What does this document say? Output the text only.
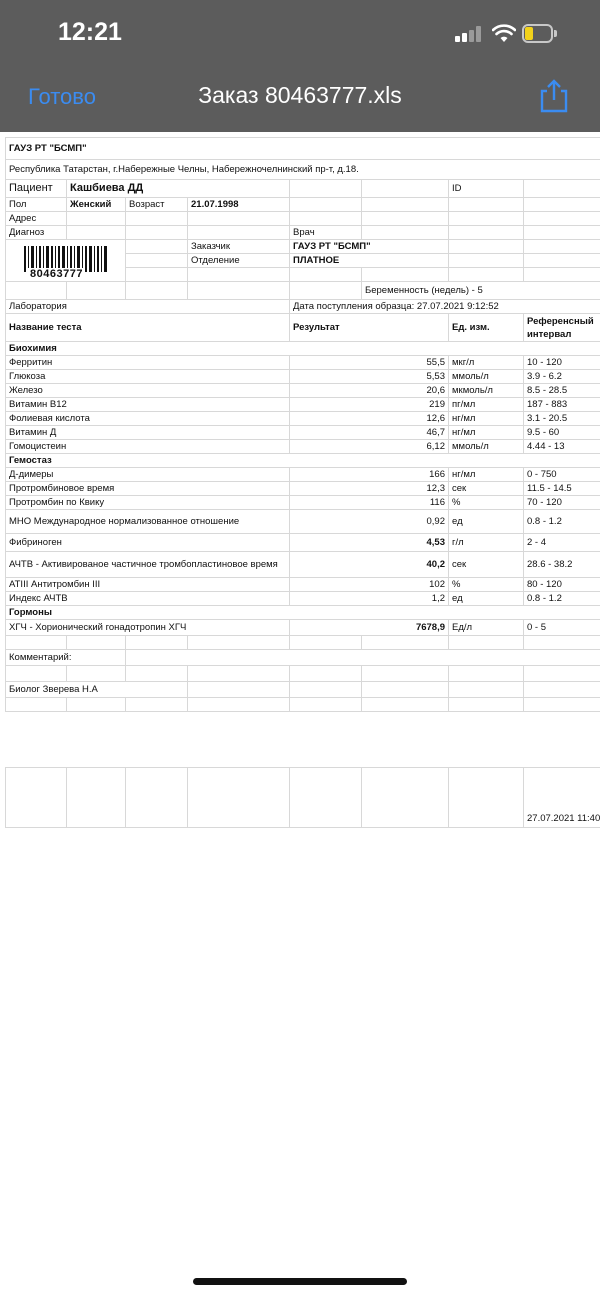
12:21
Готово	Заказ 80463777.xls
ГАУЗ РТ "БСМП"							
Республика Татарстан, г.Набережные Челны, Набережночелнинский пр-т, д.18.							
Пациент	Кашбиева ДД					ID	
Пол	Женский	Возраст	21.07.1998				
Адрес							
Диагноз				Врач			

80463777			Заказчик	ГАУЗ РТ "БСМП"			
			Отделение	ПЛАТНОЕ			

					Беременность (недель) - 5		
Лаборатория				Дата поступления образца: 27.07.2021 9:12:52			
Название теста				Результат		Ед. изм.	Референсный
интервал
Биохимия							
Ферритин				55,5		мкг/л	10 - 120
Глюкоза				5,53		ммоль/л	3.9 - 6.2
Железо				20,6		мкмоль/л	8.5 - 28.5
Витамин B12				219		пг/мл	187 - 883
Фолиевая кислота				12,6		нг/мл	3.1 - 20.5
Витамин Д				46,7		нг/мл	9.5 - 60
Гомоцистеин				6,12		ммоль/л	4.44 - 13
Гемостаз							
Д-димеры				166		нг/мл	0 - 750
Протромбиновое время				12,3		сек	11.5 - 14.5
Протромбин по Квику				116		%	70 - 120
МНО Международное нормализованное отношение				0,92		ед	0.8 - 1.2
Фибриноген				4,53		г/л	2 - 4
АЧТВ - Активированое частичное тромбопластиновое время				40,2		сек	28.6 - 38.2
ATIII Антитромбин III				102		%	80 - 120
Индекс АЧТВ				1,2		ед	0.8 - 1.2
Гормоны							
ХГЧ - Хорионический гонадотропин ХГЧ				7678,9		Ед/л	0 - 5

Комментарий:							

Биолог Зверева Н.А							

							27.07.2021 11:40
